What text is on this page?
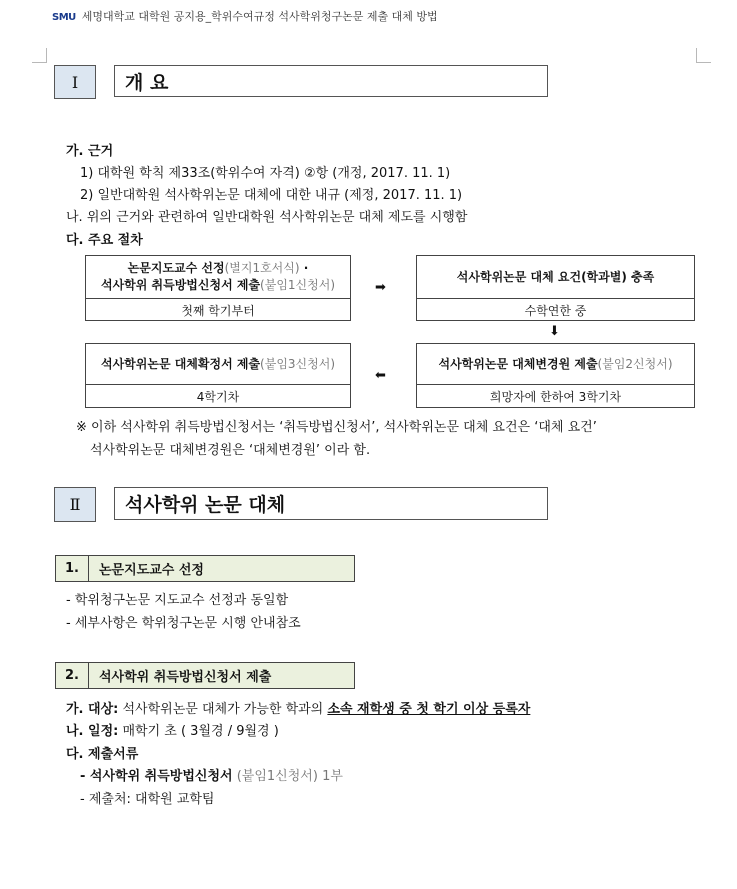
SMU 세명대학교 대학원 공지용_학위수여규정 석사학위청구논문 제출 대체 방법
Ⅰ	개 요
가. 근거
1) 대학원 학칙 제33조(학위수여 자격) ②항 (개정, 2017. 11. 1)
2) 일반대학원 석사학위논문 대체에 대한 내규 (제정, 2017. 11. 1)
나. 위의 근거와 관련하여 일반대학원 석사학위논문 대체 제도를 시행함
다. 주요 절차
논문지도교수 선정(별지1호서식) ·
석사학위 취득방법신청서 제출(붙임1신청서)
첫째 학기부터
➡
석사학위논문 대체 요건(학과별) 충족
수학연한 중
⬇
석사학위논문 대체변경원 제출 (붙임2신청서)
희망자에 한하여 3학기차
⬅
석사학위논문 대체확정서 제출 (붙임3신청서)
4학기차
※ 이하 석사학위 취득방법신청서는 ‘취득방법신청서’, 석사학위논문 대체 요건은 ‘대체 요건’
석사학위논문 대체변경원은 ‘대체변경원’ 이라 함.
Ⅱ	석사학위 논문 대체
1.	논문지도교수 선정
- 학위청구논문 지도교수 선정과 동일함
- 세부사항은 학위청구논문 시행 안내참조
2.	석사학위 취득방법신청서 제출
가. 대상: 석사학위논문 대체가 가능한 학과의 소속 재학생 중 첫 학기 이상 등록자
나. 일정: 매학기 초 ( 3월경 / 9월경 )
다. 제출서류
- 석사학위 취득방법신청서 (붙임1신청서) 1부
- 제출처: 대학원 교학팀
